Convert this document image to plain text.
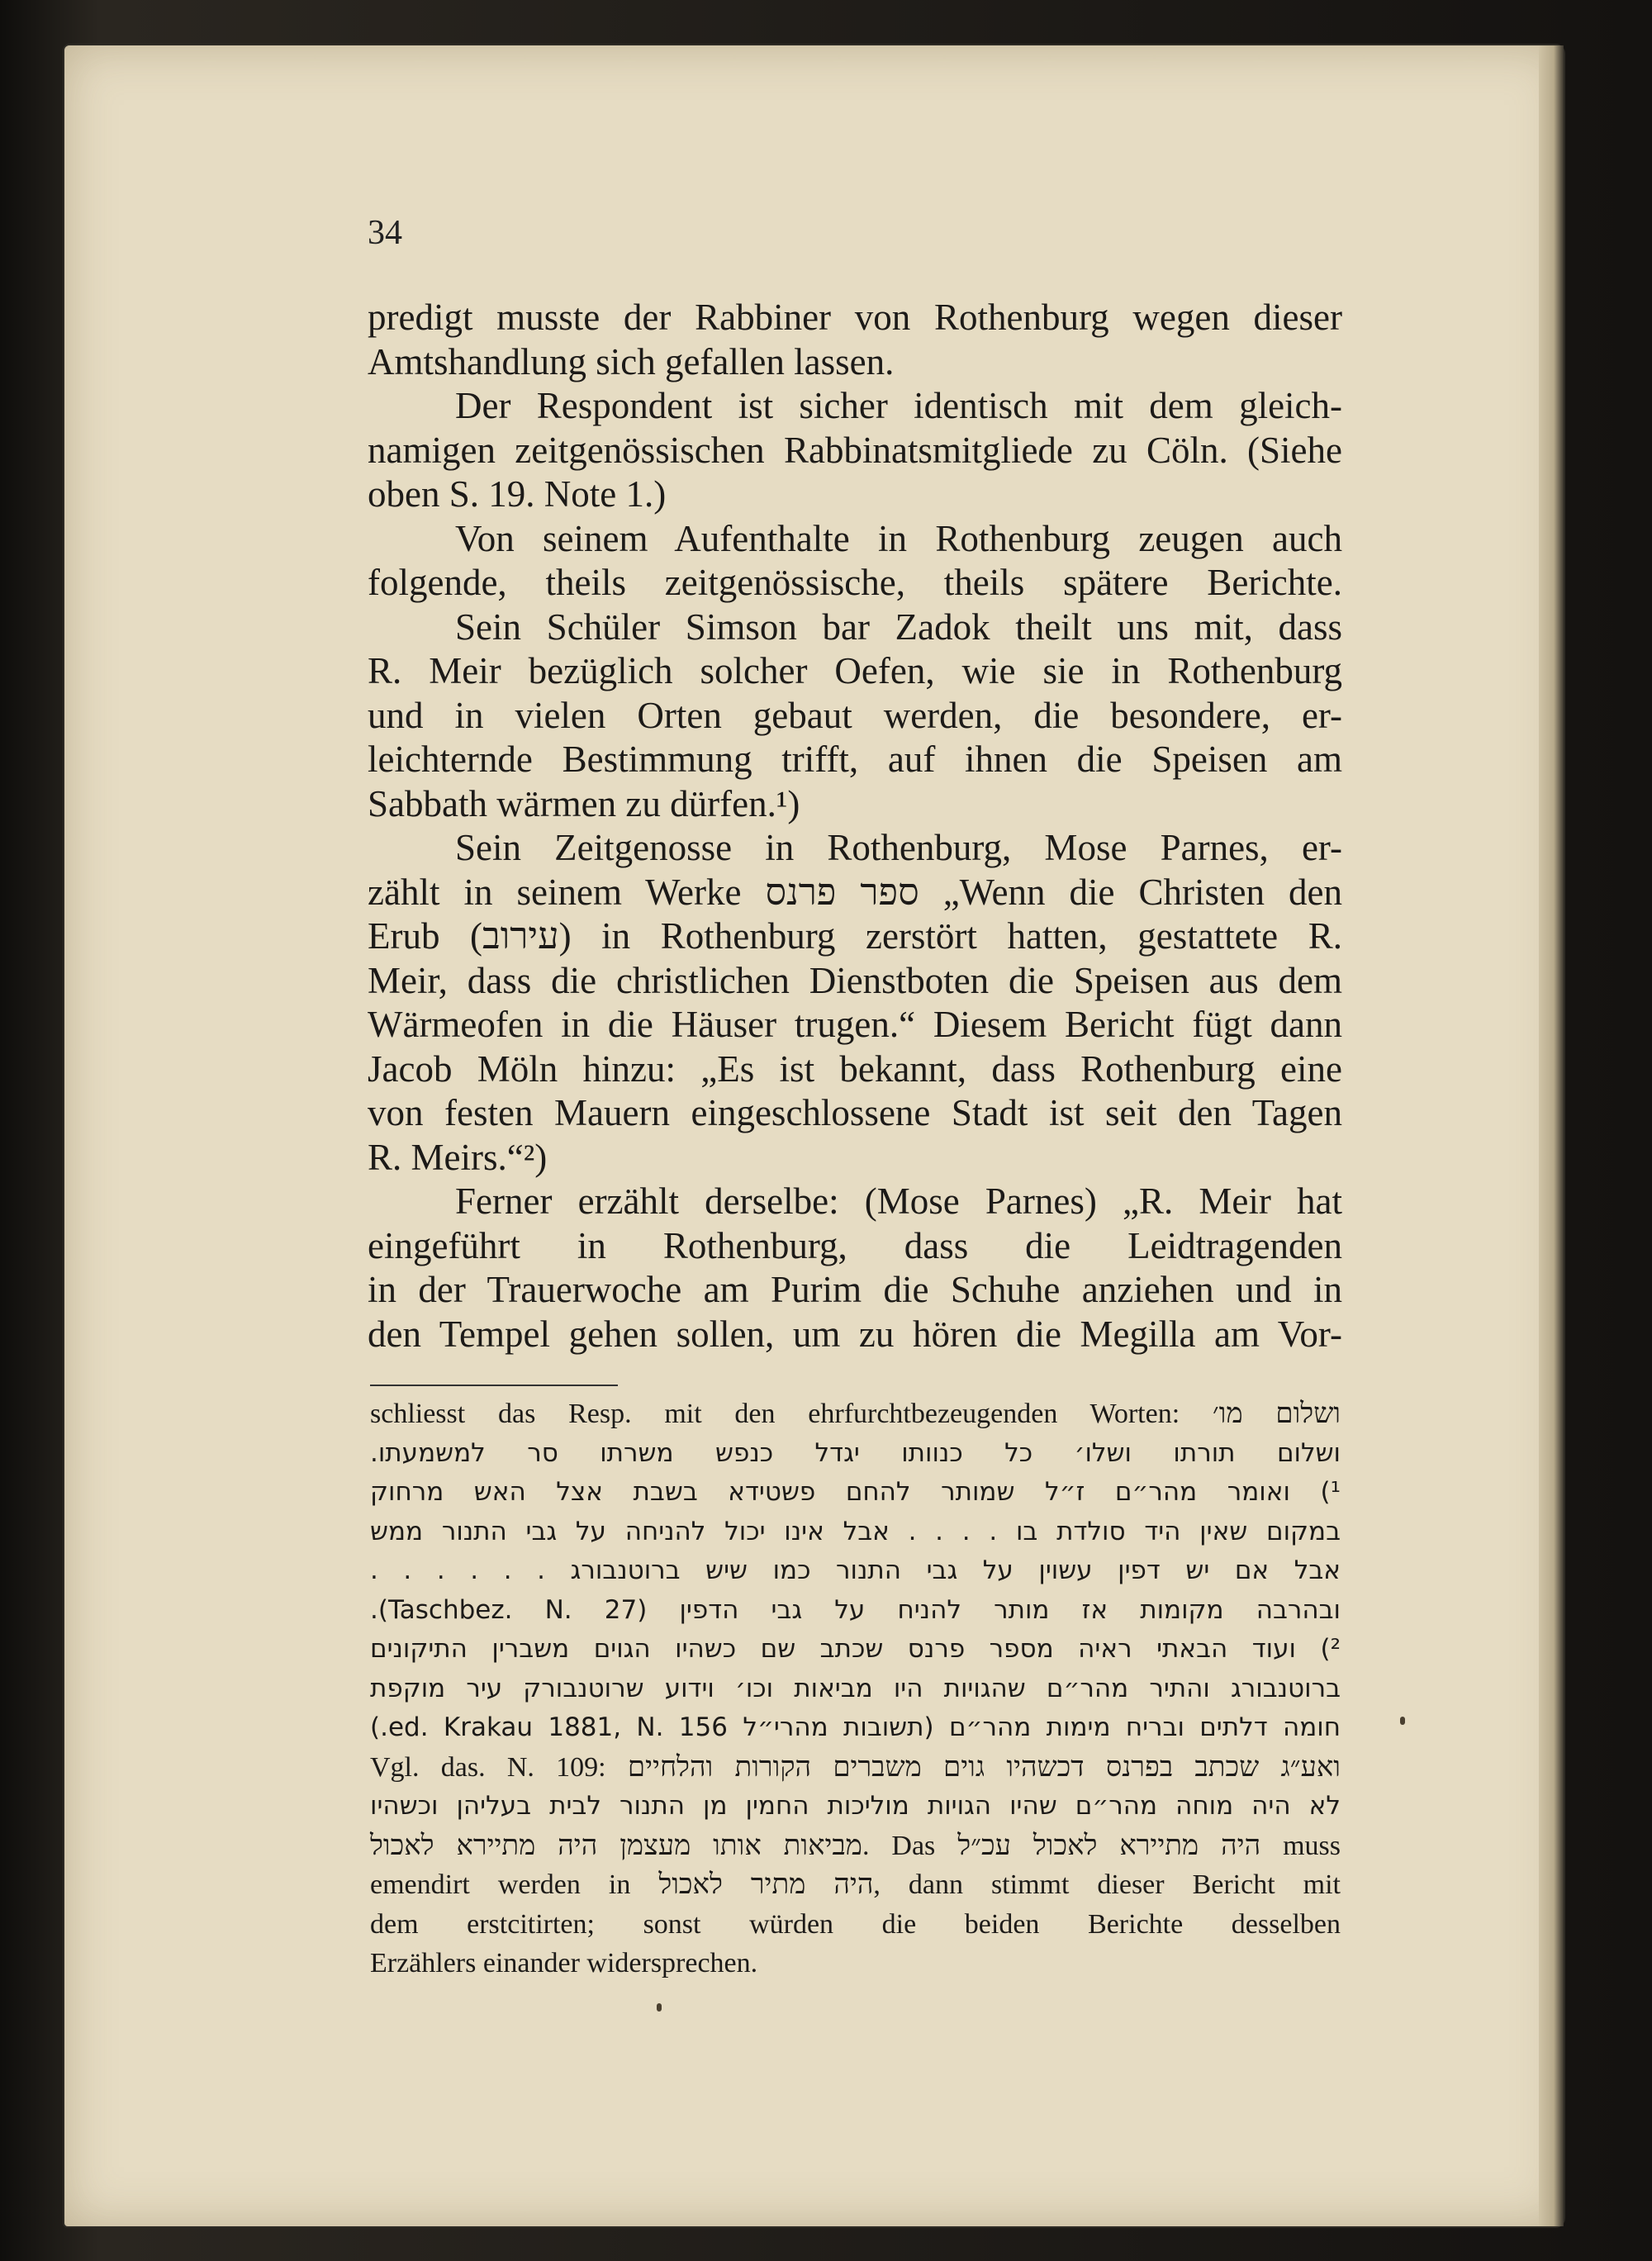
34
predigt musste der Rabbiner von Rothenburg wegen dieser
Amtshandlung sich gefallen lassen.
Der Respondent ist sicher identisch mit dem gleich-
namigen zeitgenössischen Rabbinatsmitgliede zu Cöln. (Siehe
oben S. 19. Note 1.)
Von seinem Aufenthalte in Rothenburg zeugen auch
folgende, theils zeitgenössische, theils spätere Berichte.
Sein Schüler Simson bar Zadok theilt uns mit, dass
R. Meir bezüglich solcher Oefen, wie sie in Rothenburg
und in vielen Orten gebaut werden, die besondere, er-
leichternde Bestimmung trifft, auf ihnen die Speisen am
Sabbath wärmen zu dürfen.¹)
Sein Zeitgenosse in Rothenburg, Mose Parnes, er-
zählt in seinem Werke ספר פרנס „Wenn die Christen den
Erub (עירוב) in Rothenburg zerstört hatten, gestattete R.
Meir, dass die christlichen Dienstboten die Speisen aus dem
Wärmeofen in die Häuser trugen.“ Diesem Bericht fügt dann
Jacob Möln hinzu: „Es ist bekannt, dass Rothenburg eine
von festen Mauern eingeschlossene Stadt ist seit den Tagen
R. Meirs.“²)
Ferner erzählt derselbe: (Mose Parnes) „R. Meir hat
eingeführt in Rothenburg, dass die Leidtragenden
in der Trauerwoche am Purim die Schuhe anziehen und in
den Tempel gehen sollen, um zu hören die Megilla am Vor-
schliesst das Resp. mit den ehrfurchtbezeugenden Worten: ושלום מו׳
ושלום תורתו ושלו׳ כל כנוותו יגדל כנפש משרתו סר למשמעתו.
¹) ואומר מהר״ם ז״ל שמותר להחם פשטידא בשבת אצל האש מרחוק
במקום שאין היד סולדת בו . . . . אבל אינו יכול להניחה על גבי התנור ממש
אבל אם יש דפין עשוין על גבי התנור כמו שיש ברוטנבורג . . . . . .
ובהרבה מקומות אז מותר להניח על גבי הדפין (Taschbez. N. 27).
²) ועוד הבאתי ראיה מספר פרנס שכתב שם כשהיו הגוים משברין התיקונים
ברוטנבורג והתיר מהר״ם שהגויות היו מביאות וכו׳ וידוע שרוטנבורק עיר מוקפת
חומה דלתים ובריח מימות מהר״ם (תשובות מהרי״ל ed. Krakau 1881, N. 156.)
Vgl. das. N. 109: ואע״ג שכתב בפרנס דכשהיו גוים משברים הקורות והלחיים
לא היה מוחה מהר״ם שהיו הגויות מוליכות החמין מן התנור לבית בעליהן וכשהיו
מביאות אותו מעצמן היה מתיירא לאכול. Das היה מתיירא לאכול עכ״ל muss
emendirt werden in היה מתיר לאכול, dann stimmt dieser Bericht mit
dem erstcitirten; sonst würden die beiden Berichte desselben
Erzählers einander widersprechen.
